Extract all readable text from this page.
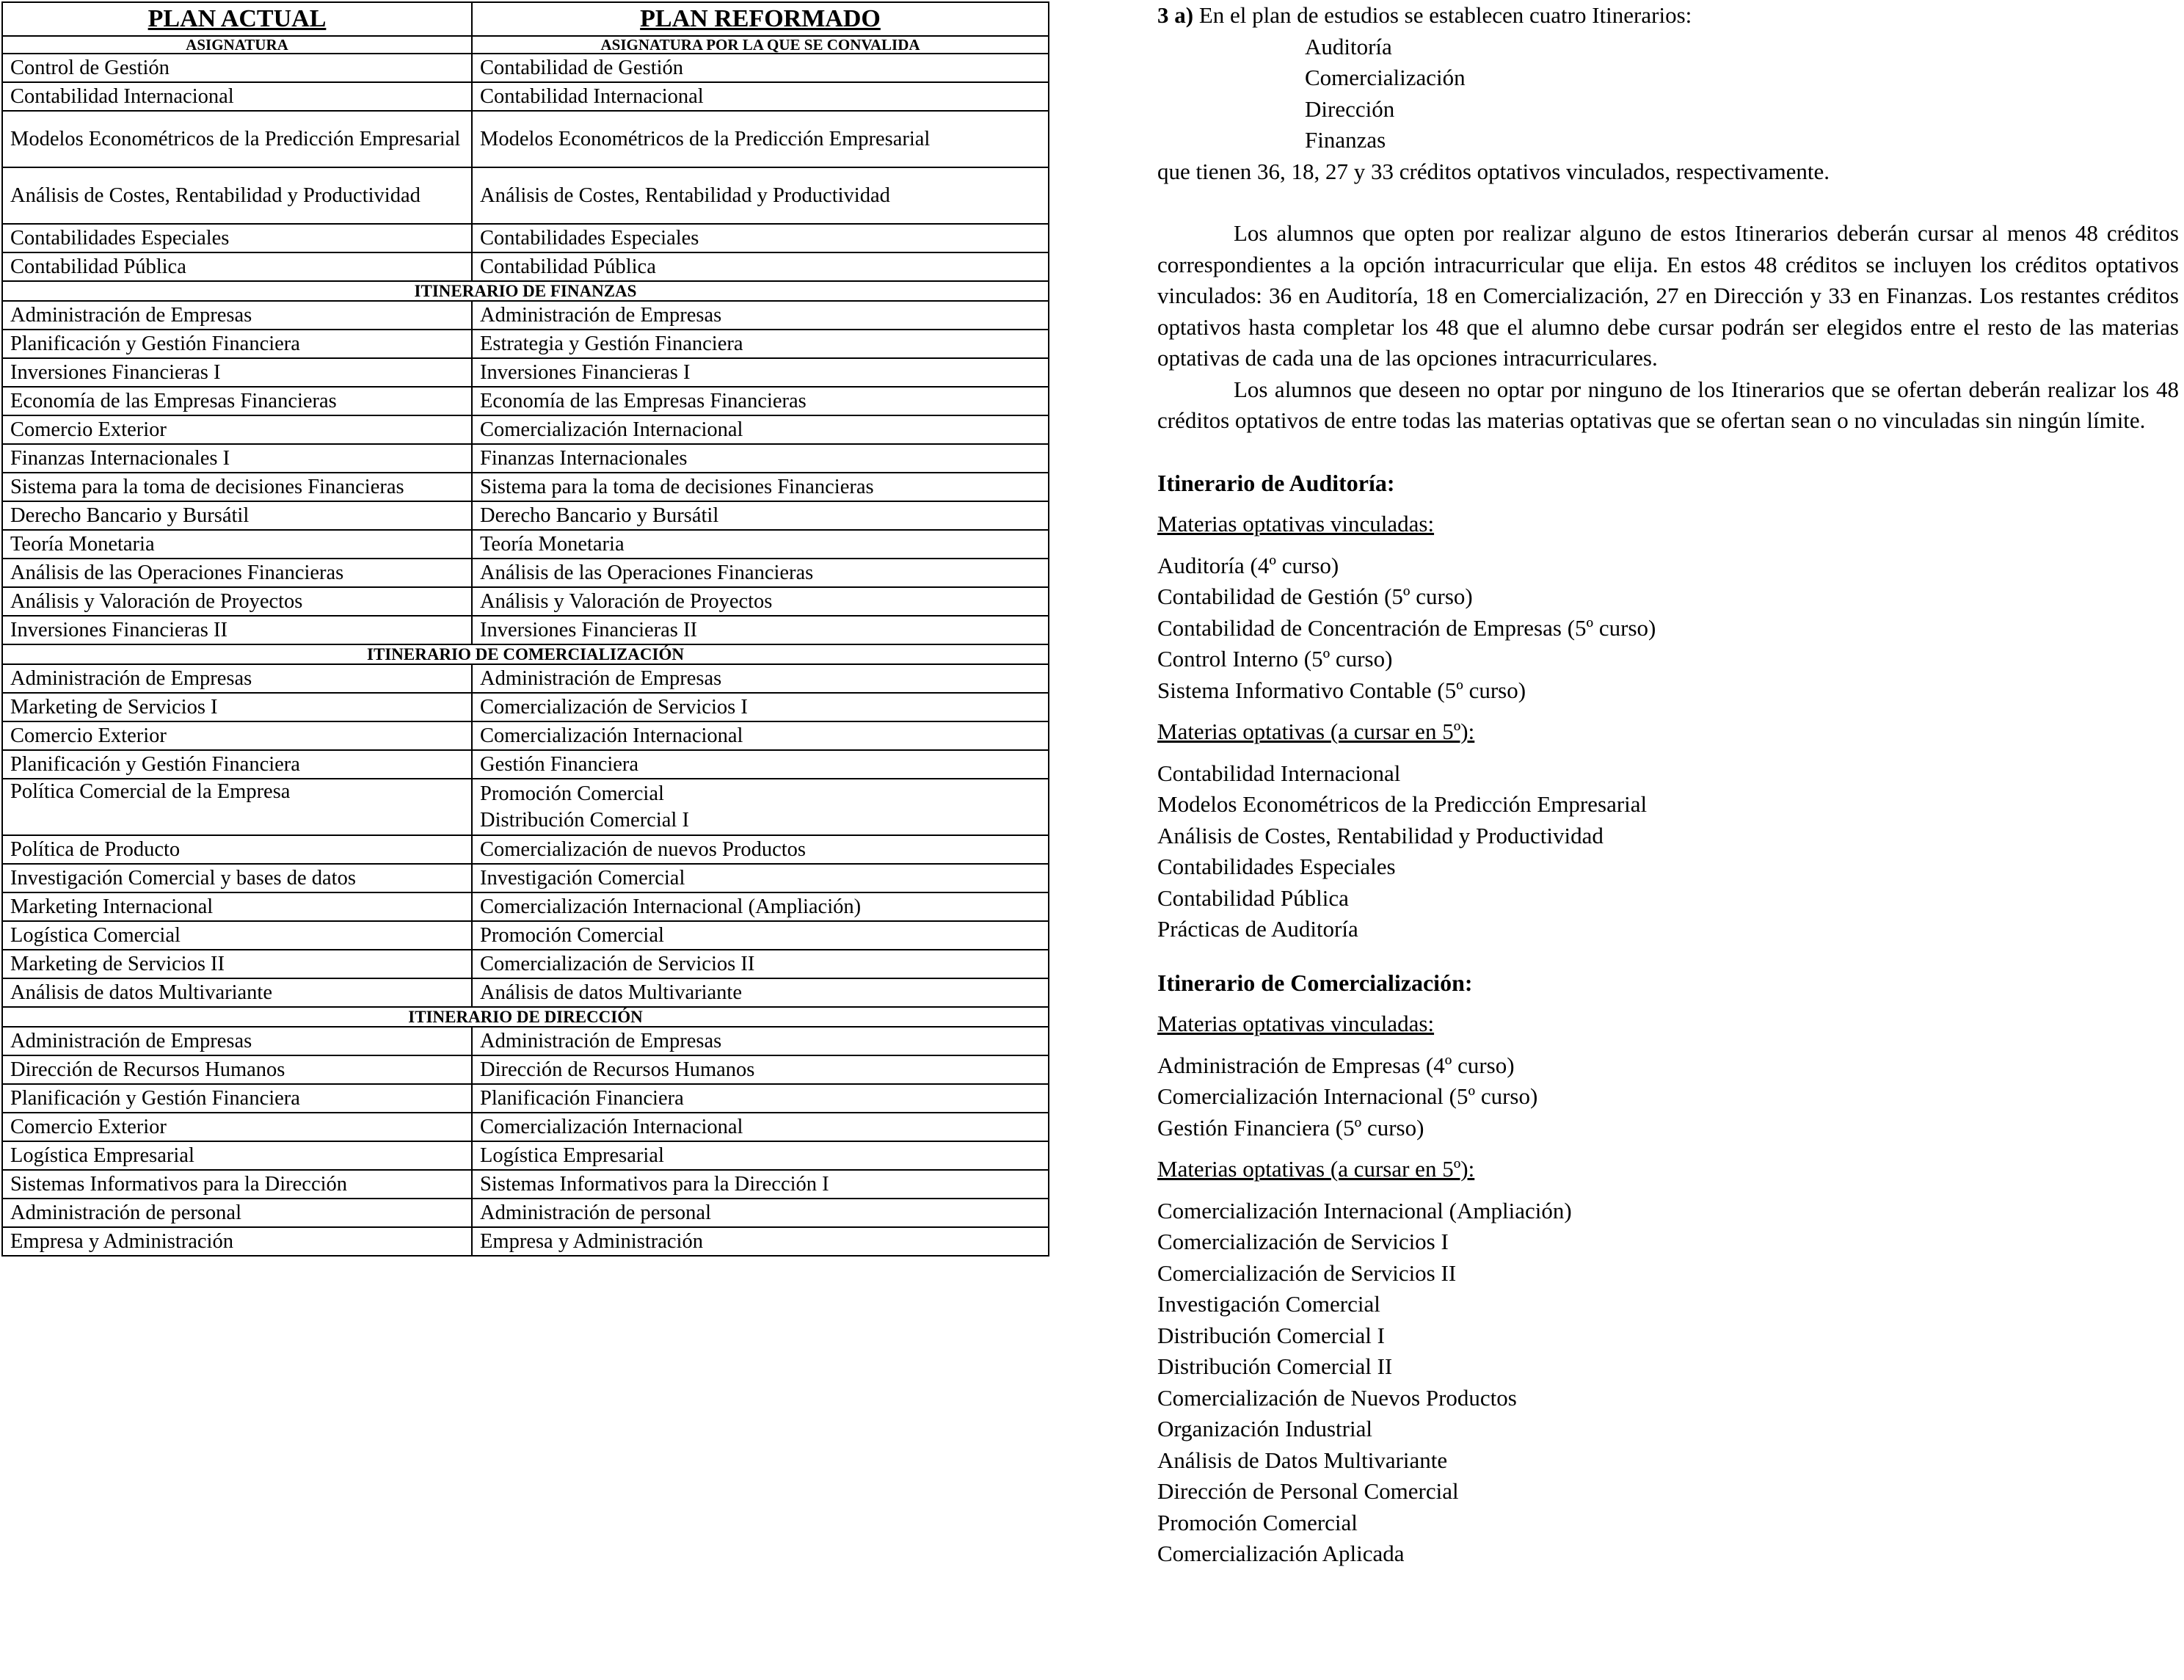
PLAN ACTUAL	PLAN REFORMADO
ASIGNATURA	ASIGNATURA POR LA QUE SE CONVALIDA
Control de Gestión	Contabilidad de Gestión
Contabilidad Internacional	Contabilidad Internacional
Modelos Econométricos de la Predicción Empresarial	Modelos Econométricos de la Predicción Empresarial
Análisis de Costes, Rentabilidad y Productividad	Análisis de Costes, Rentabilidad y Productividad
Contabilidades Especiales	Contabilidades Especiales
Contabilidad Pública	Contabilidad Pública
ITINERARIO DE FINANZAS	
Administración de Empresas	Administración de Empresas
Planificación y Gestión Financiera	Estrategia y Gestión Financiera
Inversiones Financieras I	Inversiones Financieras I
Economía de las Empresas Financieras	Economía de las Empresas Financieras
Comercio Exterior	Comercialización Internacional
Finanzas Internacionales I	Finanzas Internacionales
Sistema para la toma de decisiones Financieras	Sistema para la toma de decisiones Financieras
Derecho Bancario y Bursátil	Derecho Bancario y Bursátil
Teoría Monetaria	Teoría Monetaria
Análisis de las Operaciones Financieras	Análisis de las Operaciones Financieras
Análisis y Valoración de Proyectos	Análisis y Valoración de Proyectos
Inversiones Financieras II	Inversiones Financieras II
ITINERARIO DE COMERCIALIZACIÓN	
Administración de Empresas	Administración de Empresas
Marketing de Servicios I	Comercialización de Servicios I
Comercio Exterior	Comercialización Internacional
Planificación y Gestión Financiera	Gestión Financiera
Política Comercial de la Empresa	Promoción Comercial
Distribución Comercial I

Política de Producto	Comercialización de nuevos Productos
Investigación Comercial y bases de datos	Investigación Comercial
Marketing Internacional	Comercialización Internacional (Ampliación)
Logística Comercial	Promoción Comercial
Marketing de Servicios II	Comercialización de Servicios II
Análisis de datos Multivariante	Análisis de datos Multivariante
ITINERARIO DE DIRECCIÓN	
Administración de Empresas	Administración de Empresas
Dirección de Recursos Humanos	Dirección de Recursos Humanos
Planificación y Gestión Financiera	Planificación Financiera
Comercio Exterior	Comercialización Internacional
Logística Empresarial	Logística Empresarial
Sistemas Informativos para la Dirección	Sistemas Informativos para la Dirección I
Administración de personal	Administración de personal
Empresa y Administración	Empresa y Administración

3 a) En el plan de estudios se establecen cuatro Itinerarios:

Auditoría
Comercialización
Dirección
Finanzas

que tienen 36, 18, 27 y 33 créditos optativos vinculados, respectivamente.

Los alumnos que opten por realizar alguno de estos Itinerarios deberán cursar al menos 48 créditos correspondientes a la opción intracurricular que elija. En estos 48 créditos se incluyen los créditos optativos vinculados: 36 en Auditoría, 18 en Comercialización, 27 en Dirección y 33 en Finanzas. Los restantes créditos optativos hasta completar los 48 que el alumno debe cursar podrán ser elegidos entre el resto de las materias optativas de cada una de las opciones intracurriculares.

Los alumnos que deseen no optar por ninguno de los Itinerarios que se ofertan deberán realizar los 48 créditos optativos de entre todas las materias optativas que se ofertan sean o no vinculadas sin ningún límite.

Itinerario de Auditoría:

Materias optativas vinculadas:

Auditoría (4º curso)
Contabilidad de Gestión (5º curso)
Contabilidad de Concentración de Empresas (5º curso)
Control Interno (5º curso)
Sistema Informativo Contable (5º curso)

Materias optativas (a cursar en 5º):

Contabilidad Internacional
Modelos Econométricos de la Predicción Empresarial
Análisis de Costes, Rentabilidad y Productividad
Contabilidades Especiales
Contabilidad Pública
Prácticas de Auditoría

Itinerario de Comercialización:

Materias optativas vinculadas:

Administración de Empresas (4º curso)
Comercialización Internacional (5º curso)
Gestión Financiera (5º curso)

Materias optativas (a cursar en 5º):

Comercialización Internacional (Ampliación)
Comercialización de Servicios I
Comercialización de Servicios II
Investigación Comercial
Distribución Comercial I
Distribución Comercial II
Comercialización de Nuevos Productos
Organización Industrial
Análisis de Datos Multivariante
Dirección de Personal Comercial
Promoción Comercial
Comercialización Aplicada
